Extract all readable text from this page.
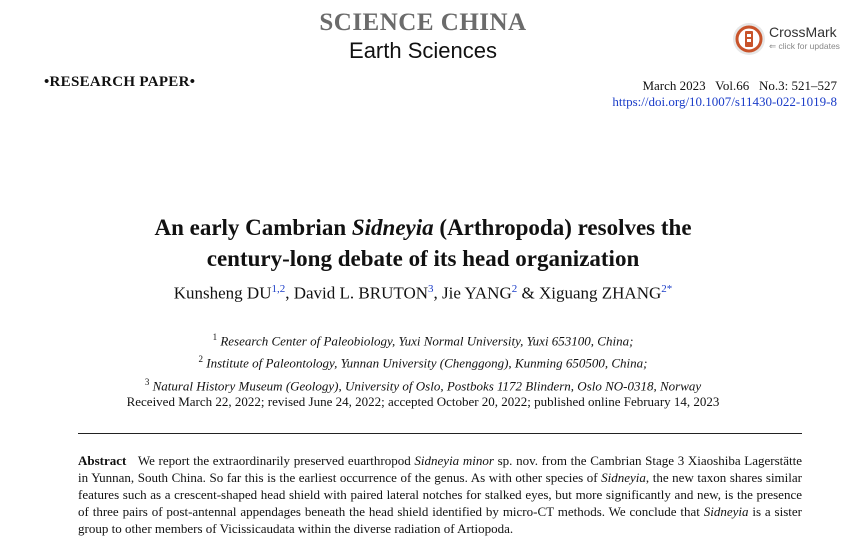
SCIENCE CHINA
Earth Sciences
CrossMark
⇐ click for updates
•RESEARCH PAPER•	March 2023   Vol.66   No.3: 521–527
https://doi.org/10.1007/s11430-022-1019-8
An early Cambrian Sidneyia (Arthropoda) resolves the
century-long debate of its head organization
Kunsheng DU$^{1,2}$, David L. BRUTON$^3$, Jie YANG$^2$ & Xiguang $ZHANG^{2*}$
$^1$ Research Center of Paleobiology, Yuxi Normal University, Yuxi 653100, China;
$^2$ Institute of Paleontology, Yunnan University (Chenggong), Kunming 650500, China;
$^3$ Natural History Museum (Geology), University of Oslo, Postboks 1172 Blindern, Oslo NO-0318, Norway
Received March 22, 2022; revised June 24, 2022; accepted October 20, 2022; published online February 14, 2023
Abstract We report the extraordinarily preserved euarthropod Sidneyia minor sp. nov. from the Cambrian Stage 3 Xiaoshiba Lagerstätte in Yunnan, South China. So far this is the earliest occurrence of the genus. As with other species of Sidneyia, the new taxon shares similar features such as a crescent-shaped head shield with paired lateral notches for stalked eyes, but more significantly and new, is the presence of three pairs of post-antennal appendages beneath the head shield identified by micro-CT methods. We conclude that Sidneyia is a sister group to other members of Vicissicaudata within the diverse radiation of Artiopoda.
